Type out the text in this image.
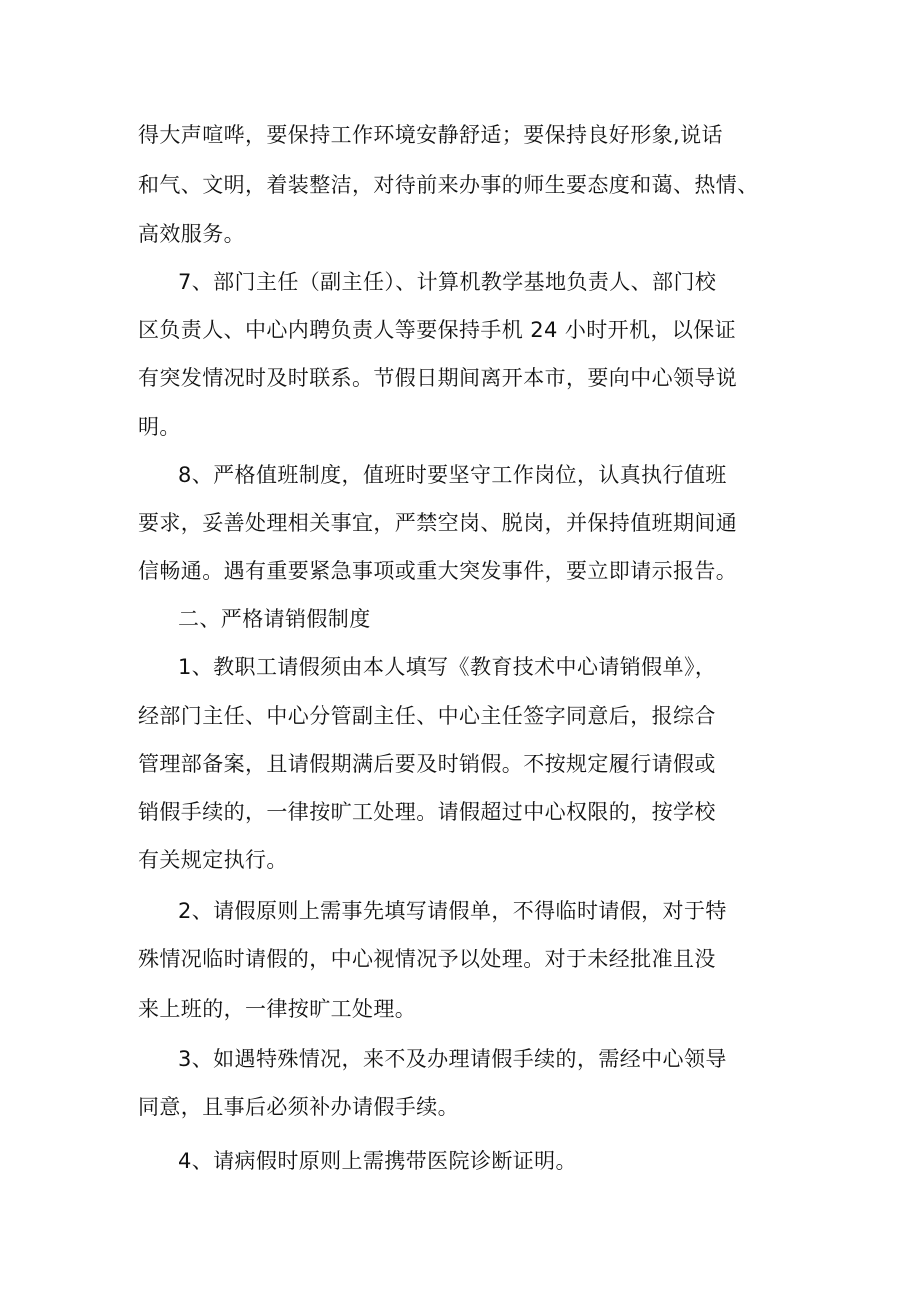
得大声喧哗，要保持工作环境安静舒适；要保持良好形象,说话
和气、文明，着装整洁，对待前来办事的师生要态度和蔼、热情、
高效服务。
7、部门主任（副主任）、计算机教学基地负责人、部门校
区负责人、中心内聘负责人等要保持手机 24 小时开机，以保证
有突发情况时及时联系。节假日期间离开本市，要向中心领导说
明。
8、严格值班制度，值班时要坚守工作岗位，认真执行值班
要求，妥善处理相关事宜，严禁空岗、脱岗，并保持值班期间通
信畅通。遇有重要紧急事项或重大突发事件，要立即请示报告。
二、严格请销假制度
1、教职工请假须由本人填写《教育技术中心请销假单》，
经部门主任、中心分管副主任、中心主任签字同意后，报综合
管理部备案，且请假期满后要及时销假。不按规定履行请假或
销假手续的，一律按旷工处理。请假超过中心权限的，按学校
有关规定执行。
2、请假原则上需事先填写请假单，不得临时请假，对于特
殊情况临时请假的，中心视情况予以处理。对于未经批准且没
来上班的，一律按旷工处理。
3、如遇特殊情况，来不及办理请假手续的，需经中心领导
同意，且事后必须补办请假手续。
4、请病假时原则上需携带医院诊断证明。
